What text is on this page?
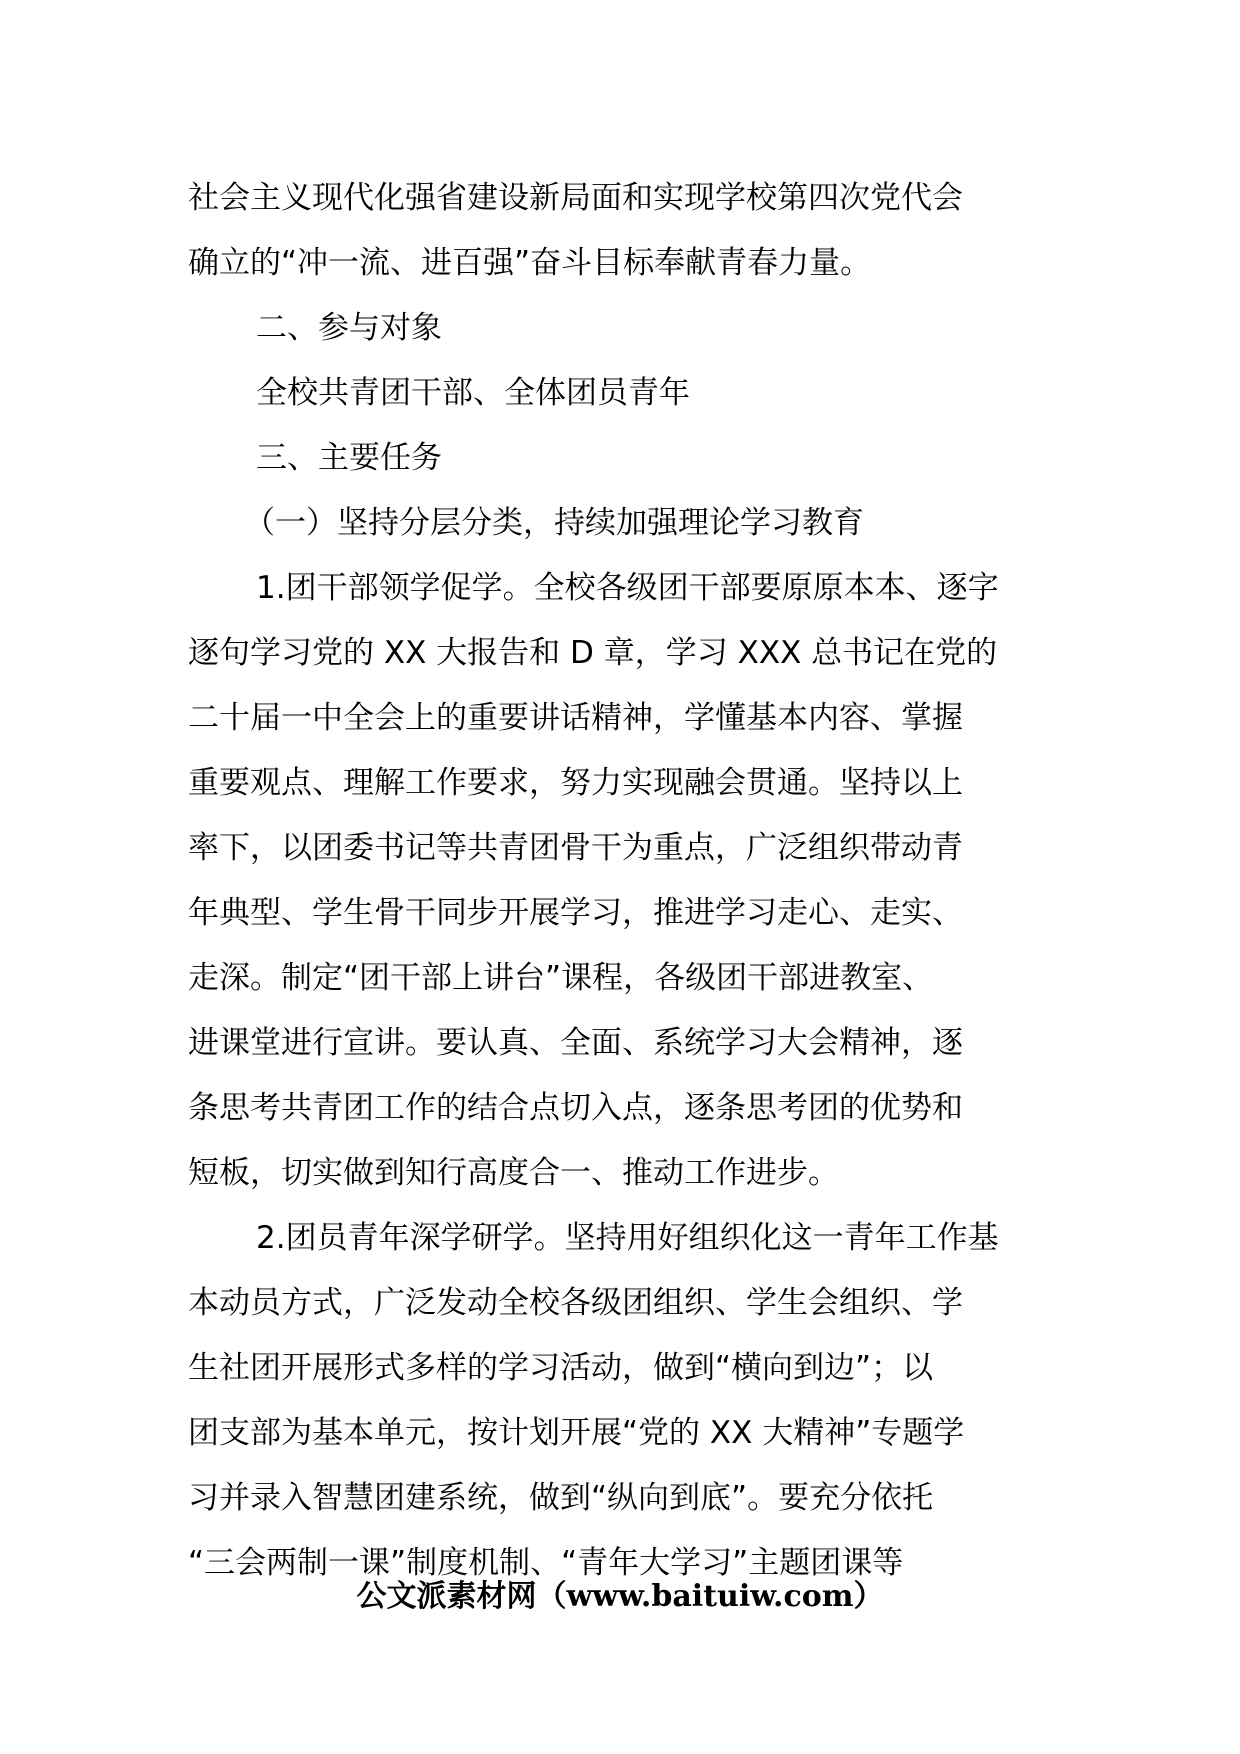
社会主义现代化强省建设新局面和实现学校第四次党代会
确立的“冲一流、进百强”奋斗目标奉献青春力量。
二、参与对象
全校共青团干部、全体团员青年
三、主要任务
（一）坚持分层分类，持续加强理论学习教育
1.团干部领学促学。全校各级团干部要原原本本、逐字
逐句学习党的 XX 大报告和 D 章，学习 XXX 总书记在党的
二十届一中全会上的重要讲话精神，学懂基本内容、掌握
重要观点、理解工作要求，努力实现融会贯通。坚持以上
率下，以团委书记等共青团骨干为重点，广泛组织带动青
年典型、学生骨干同步开展学习，推进学习走心、走实、
走深。制定“团干部上讲台”课程，各级团干部进教室、
进课堂进行宣讲。要认真、全面、系统学习大会精神，逐
条思考共青团工作的结合点切入点，逐条思考团的优势和
短板，切实做到知行高度合一、推动工作进步。
2.团员青年深学研学。坚持用好组织化这一青年工作基
本动员方式，广泛发动全校各级团组织、学生会组织、学
生社团开展形式多样的学习活动，做到“横向到边”；以
团支部为基本单元，按计划开展“党的 XX 大精神”专题学
习并录入智慧团建系统，做到“纵向到底”。要充分依托
“三会两制一课”制度机制、“青年大学习”主题团课等
公文派素材网（www.baituiw.com）
